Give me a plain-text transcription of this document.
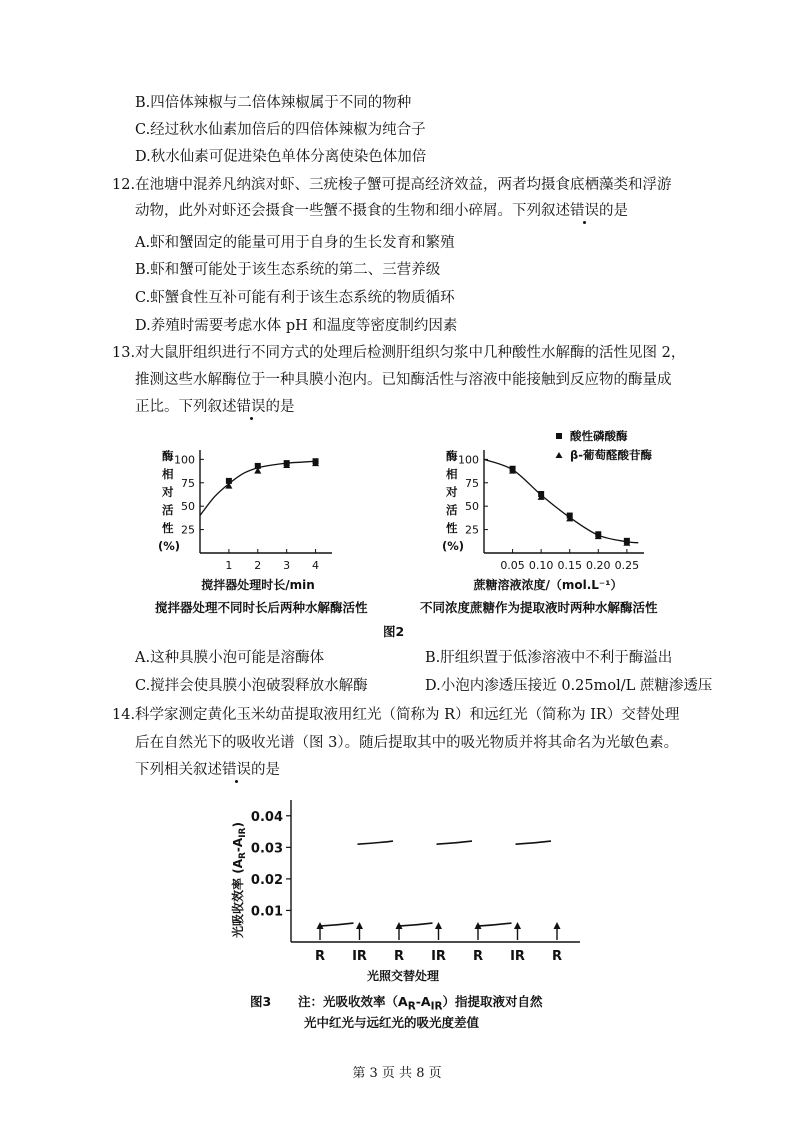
B.四倍体辣椒与二倍体辣椒属于不同的物种
C.经过秋水仙素加倍后的四倍体辣椒为纯合子
D.秋水仙素可促进染色单体分离使染色体加倍
12.在池塘中混养凡纳滨对虾、三疣梭子蟹可提高经济效益，两者均摄食底栖藻类和浮游
动物，此外对虾还会摄食一些蟹不摄食的生物和细小碎屑。下列叙述错误的是
A.虾和蟹固定的能量可用于自身的生长发育和繁殖
B.虾和蟹可能处于该生态系统的第二、三营养级
C.虾蟹食性互补可能有利于该生态系统的物质循环
D.养殖时需要考虑水体 pH 和温度等密度制约因素
13.对大鼠肝组织进行不同方式的处理后检测肝组织匀浆中几种酸性水解酶的活性见图 2，
推测这些水解酶位于一种具膜小泡内。已知酶活性与溶液中能接触到反应物的酶量成
正比。下列叙述错误的是
酶
相
对
活
性
(%)
1 2 3 4
25
50
75
100
搅拌器处理时长/min
酶
相
对
活
性
(%)
0.05 0.10 0.15 0.20 0.25
25
50
75
100
酸性磷酸酶
β-葡萄醛酸苷酶
蔗糖溶液浓度/（mol.L⁻¹）
搅拌器处理不同时长后两种水解酶活性	不同浓度蔗糖作为提取液时两种水解酶活性
图2
A.这种具膜小泡可能是溶酶体	B.肝组织置于低渗溶液中不利于酶溢出
C.搅拌会使具膜小泡破裂释放水解酶	D.小泡内渗透压接近 0.25mol/L 蔗糖渗透压
14.科学家测定黄化玉米幼苗提取液用红光（简称为 R）和远红光（简称为 IR）交替处理
后在自然光下的吸收光谱（图 3）。随后提取其中的吸光物质并将其命名为光敏色素。
下列相关叙述错误的是
光吸收效率 $(A_R-A_{IR})$
0.01
0.02
0.03
0.04
R IR R IR R IR R
光照交替处理
图3 注：光吸收效率$(A_R-A_{IR})$指提取液对自然
光中红光与远红光的吸光度差值
第 3 页 共 8 页
